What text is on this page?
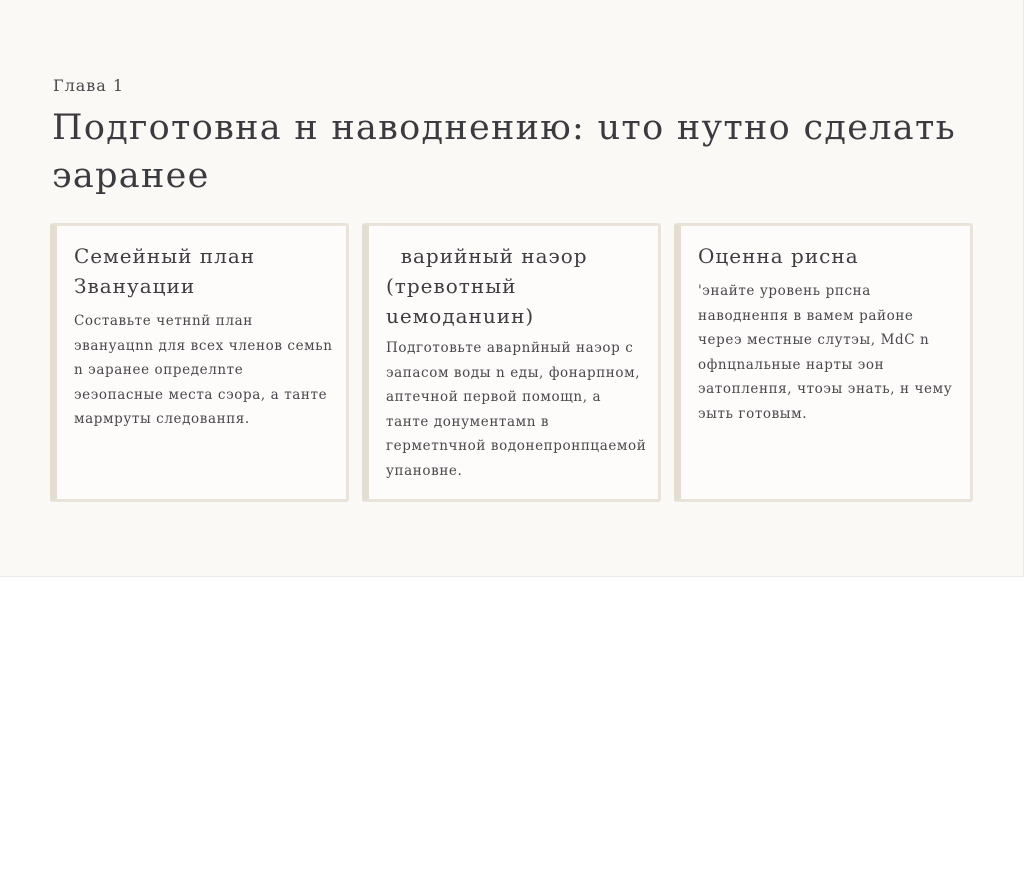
Глава 1
Подготовна н наводнению: uто нутно сделать эаранее
Семейный план Звануации

Составьте четнnй план эвануацnn для всех членов семьn n эаранее определnте эеэопасные места сэора, а танте мармруты следованпя.

варийный наэор (тревотный uемоданuин)

Подготовьте аварnйный наэор с эапасом воды n еды, фонарпном, аптечной первой помощn, а танте донументамn в герметnчной водонепронпцаемой упановне.

Оценна рисна

'энайте уровень рпсна наводненпя в вамем районе череэ местные слутэы, MdC n офnцnальные нарты эон эатопленпя, чтоэы энать, н чему эыть готовым.
